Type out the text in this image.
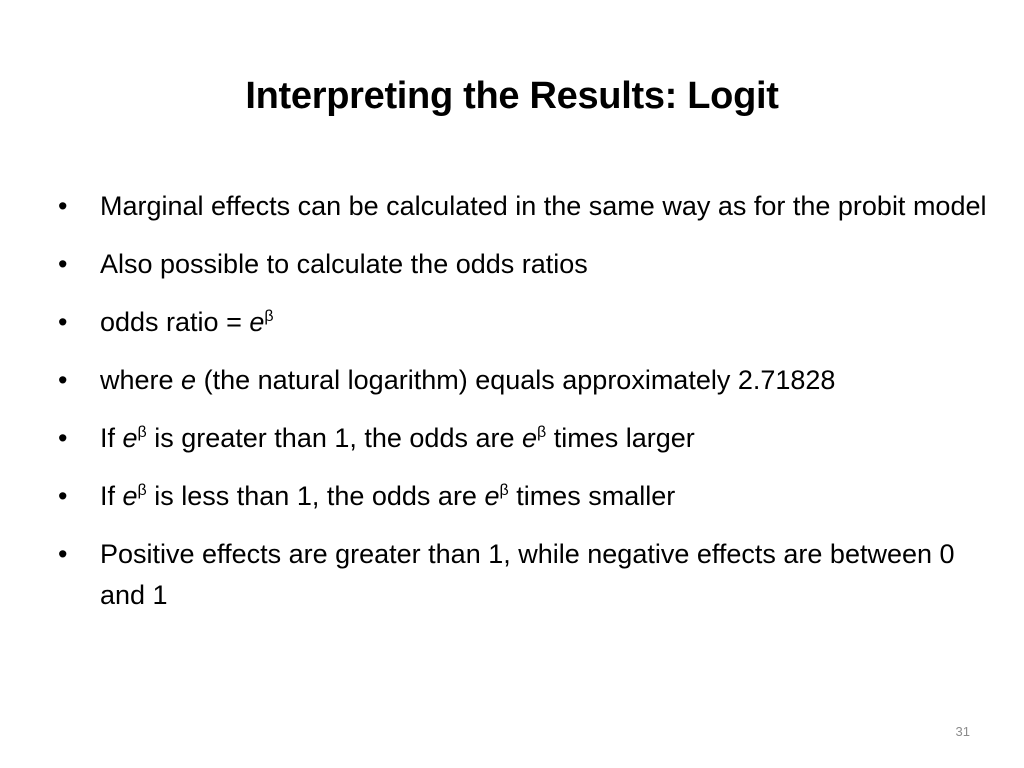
Interpreting the Results: Logit
•	Marginal effects can be calculated in the same way as for the probit model
•	Also possible to calculate the odds ratios
•	odds ratio = $e^\beta$
•	where e (the natural logarithm) equals approximately 2.71828
•	If $e^\beta$ is greater than 1, the odds are $e^\beta$ times larger
•	If $e^\beta$ is less than 1, the odds are $e^\beta$ times smaller
•	Positive effects are greater than 1, while negative effects are between 0 and 1
31
